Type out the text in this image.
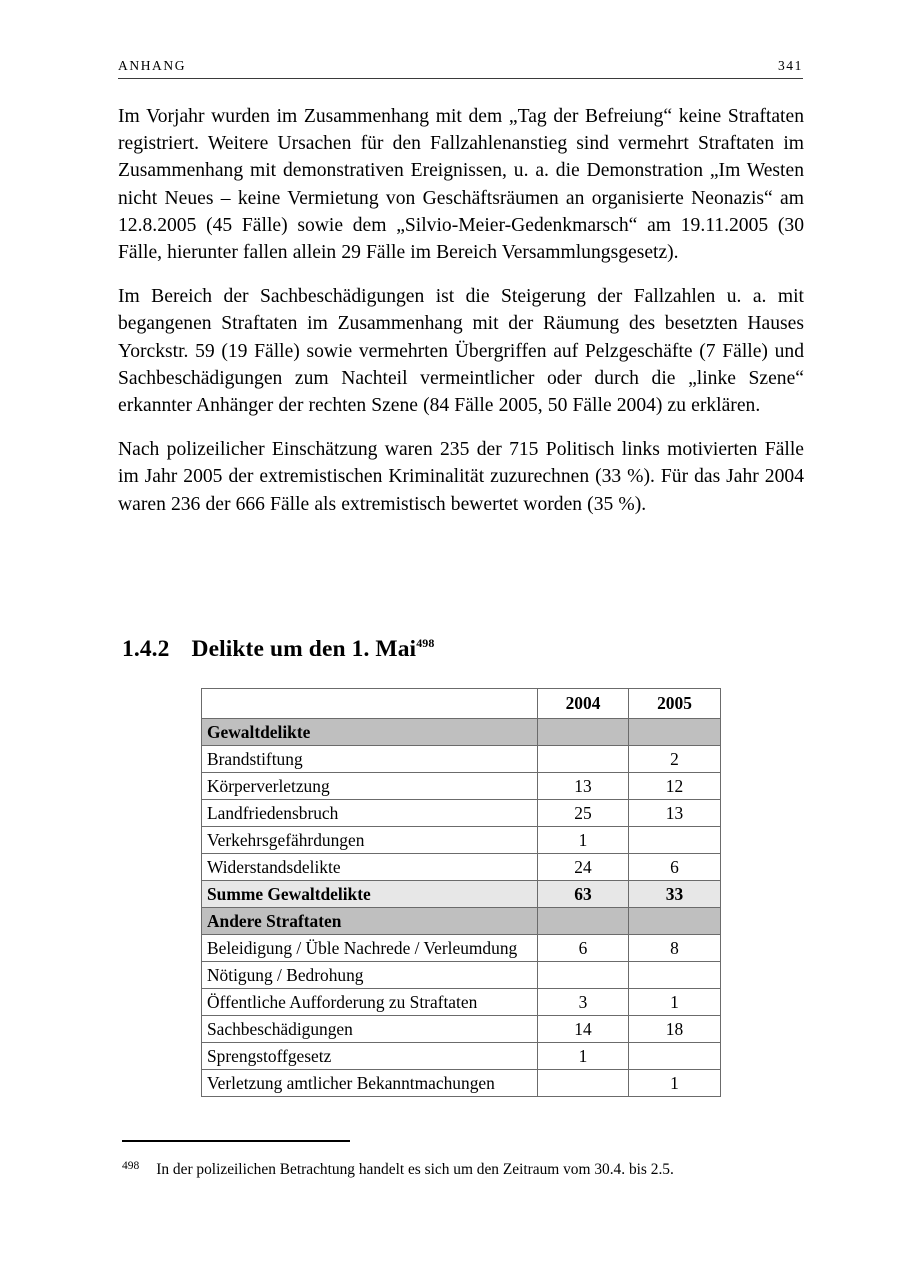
ANHANG	341

Im Vorjahr wurden im Zusammenhang mit dem „Tag der Befreiung“ keine Straftaten registriert. Weitere Ursachen für den Fallzahlenanstieg sind vermehrt Straftaten im Zusammenhang mit demonstrativen Ereignissen, u. a. die Demonstration „Im Westen nicht Neues – keine Vermietung von Geschäftsräumen an organisierte Neonazis“ am 12.8.2005 (45 Fälle) sowie dem „Silvio-Meier-Gedenkmarsch“ am 19.11.2005 (30 Fälle, hierunter fallen allein 29 Fälle im Bereich Versammlungsgesetz).

Im Bereich der Sachbeschädigungen ist die Steigerung der Fallzahlen u. a. mit begangenen Straftaten im Zusammenhang mit der Räumung des besetzten Hauses Yorckstr. 59 (19 Fälle) sowie vermehrten Übergriffen auf Pelzgeschäfte (7 Fälle) und Sachbeschädigungen zum Nachteil vermeintlicher oder durch die „linke Szene“ erkannter Anhänger der rechten Szene (84 Fälle 2005, 50 Fälle 2004) zu erklären.

Nach polizeilicher Einschätzung waren 235 der 715 Politisch links motivierten Fälle im Jahr 2005 der extremistischen Kriminalität zuzurechnen (33 %). Für das Jahr 2004 waren 236 der 666 Fälle als extremistisch bewertet worden (35 %).

1.4.2 Delikte um den 1. Mai$^{498}$
	2004	2005
Gewaltdelikte		
Brandstiftung		2
Körperverletzung	13	12
Landfriedensbruch	25	13
Verkehrsgefährdungen	1	
Widerstandsdelikte	24	6
Summe Gewaltdelikte	63	33
Andere Straftaten		
Beleidigung / Üble Nachrede / Verleumdung	6	8
Nötigung / Bedrohung		
Öffentliche Aufforderung zu Straftaten	3	1
Sachbeschädigungen	14	18
Sprengstoffgesetz	1	
Verletzung amtlicher Bekanntmachungen		1
498 In der polizeilichen Betrachtung handelt es sich um den Zeitraum vom 30.4. bis 2.5.
